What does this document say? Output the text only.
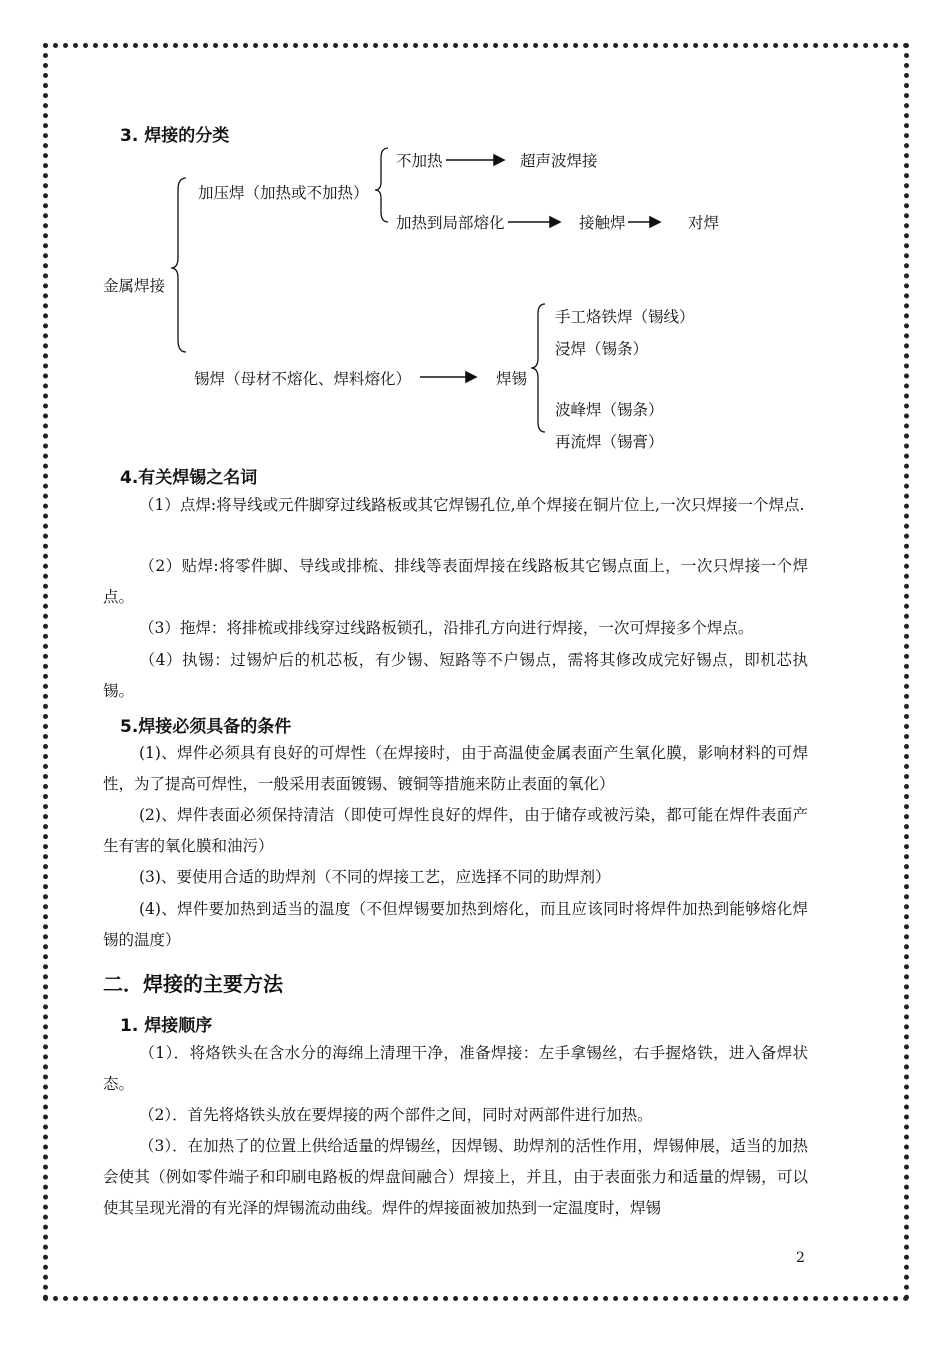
3. 焊接的分类
不加热	超声波焊接
加压焊（加热或不加热）
加热到局部熔化	接触焊	对焊
金属焊接
手工烙铁焊（锡线）
浸焊（锡条）
锡焊（母材不熔化、焊料熔化）	焊锡
波峰焊（锡条）
再流焊（锡膏）
4.有关焊锡之名词
（1）点焊:将导线或元件脚穿过线路板或其它焊锡孔位,单个焊接在铜片位上,一次只焊接一个焊点.
（2）贴焊:将零件脚、导线或排梳、排线等表面焊接在线路板其它锡点面上，一次只焊接一个焊点。
（3）拖焊：将排梳或排线穿过线路板锁孔，沿排孔方向进行焊接，一次可焊接多个焊点。
（4）执锡：过锡炉后的机芯板，有少锡、短路等不户锡点，需将其修改成完好锡点，即机芯执锡。
5.焊接必须具备的条件
(1)、焊件必须具有良好的可焊性（在焊接时，由于高温使金属表面产生氧化膜，影响材料的可焊性，为了提高可焊性，一般采用表面镀锡、镀铜等措施来防止表面的氧化）
(2)、焊件表面必须保持清洁（即使可焊性良好的焊件，由于储存或被污染，都可能在焊件表面产生有害的氧化膜和油污）
(3)、要使用合适的助焊剂（不同的焊接工艺，应选择不同的助焊剂）
(4)、焊件要加热到适当的温度（不但焊锡要加热到熔化，而且应该同时将焊件加热到能够熔化焊锡的温度）
二．焊接的主要方法
1. 焊接顺序
（1）．将烙铁头在含水分的海绵上清理干净，准备焊接：左手拿锡丝，右手握烙铁，进入备焊状态。
（2）．首先将烙铁头放在要焊接的两个部件之间，同时对两部件进行加热。
（3）．在加热了的位置上供给适量的焊锡丝，因焊锡、助焊剂的活性作用，焊锡伸展，适当的加热会使其（例如零件端子和印刷电路板的焊盘间融合）焊接上，并且，由于表面张力和适量的焊锡，可以使其呈现光滑的有光泽的焊锡流动曲线。焊件的焊接面被加热到一定温度时，焊锡
2
